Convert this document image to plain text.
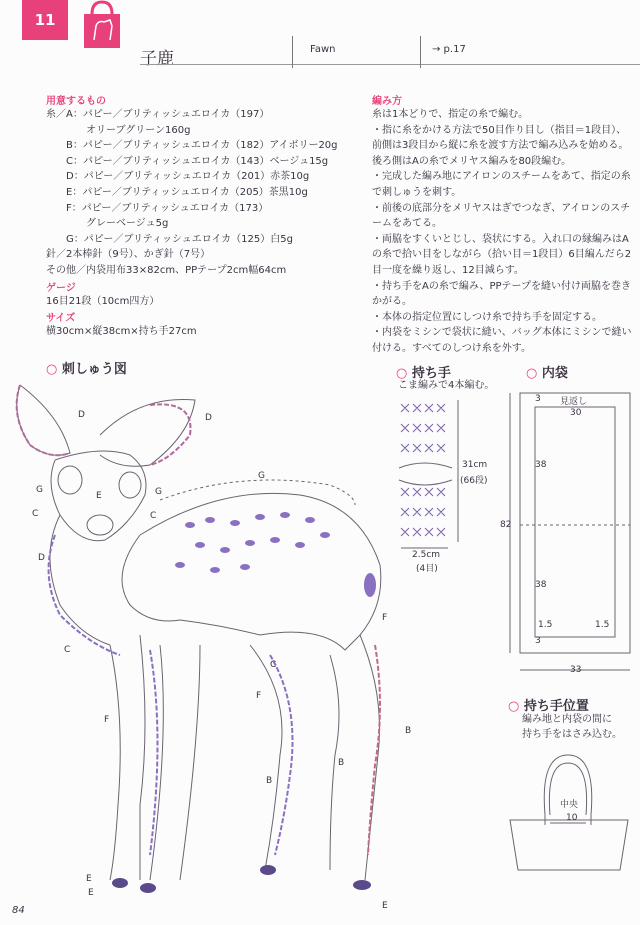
11
子鹿	Fawn	→ p.17
用意するもの
糸／A：パピー／ブリティッシュエロイカ（197）
　　　　オリーブグリーン160g
　　B：パピー／ブリティッシュエロイカ（182）アイボリー20g
　　C：パピー／ブリティッシュエロイカ（143）ベージュ15g
　　D：パピー／ブリティッシュエロイカ（201）赤茶10g
　　E：パピー／ブリティッシュエロイカ（205）茶黒10g
　　F：パピー／ブリティッシュエロイカ（173）
　　　　グレーベージュ5g
　　G：パピー／ブリティッシュエロイカ（125）白5g
針／2本棒針（9号）、かぎ針（7号）
その他／内袋用布33×82cm、PPテープ2cm幅64cm
ゲージ
16目21段（10cm四方）
サイズ
横30cm×縦38cm×持ち手27cm
編み方
糸は1本どりで、指定の糸で編む。
・指に糸をかける方法で50目作り目し（指目＝1段目）、前側は3段目から縦に糸を渡す方法で編み込みを始める。後ろ側はAの糸でメリヤス編みを80段編む。
・完成した編み地にアイロンのスチームをあて、指定の糸で刺しゅうを刺す。
・前後の底部分をメリヤスはぎでつなぎ、アイロンのスチームをあてる。
・両脇をすくいとじし、袋状にする。入れ口の縁編みはAの糸で拾い目をしながら（拾い目＝1段目）6目編んだら2目一度を繰り返し、12目減らす。
・持ち手をAの糸で編み、PPテープを縫い付け両脇を巻きかがる。
・本体の指定位置にしつけ糸で持ち手を固定する。
・内袋をミシンで袋状に縫い、バッグ本体にミシンで縫い付ける。すべてのしつけ糸を外す。
○ 刺しゅう図
D	D
G
G	G
E
C	C
D
C
C
F
F
F
B
B
B
E
E
E
○ 持ち手
こま編みで4本編む。
31cm
(66段)
2.5cm
(4目)
○ 内袋
見返し
3
30
38
82
38
1.5	1.5
3
33
○ 持ち手位置
編み地と内袋の間に
持ち手をはさみ込む。
中央
10
84
